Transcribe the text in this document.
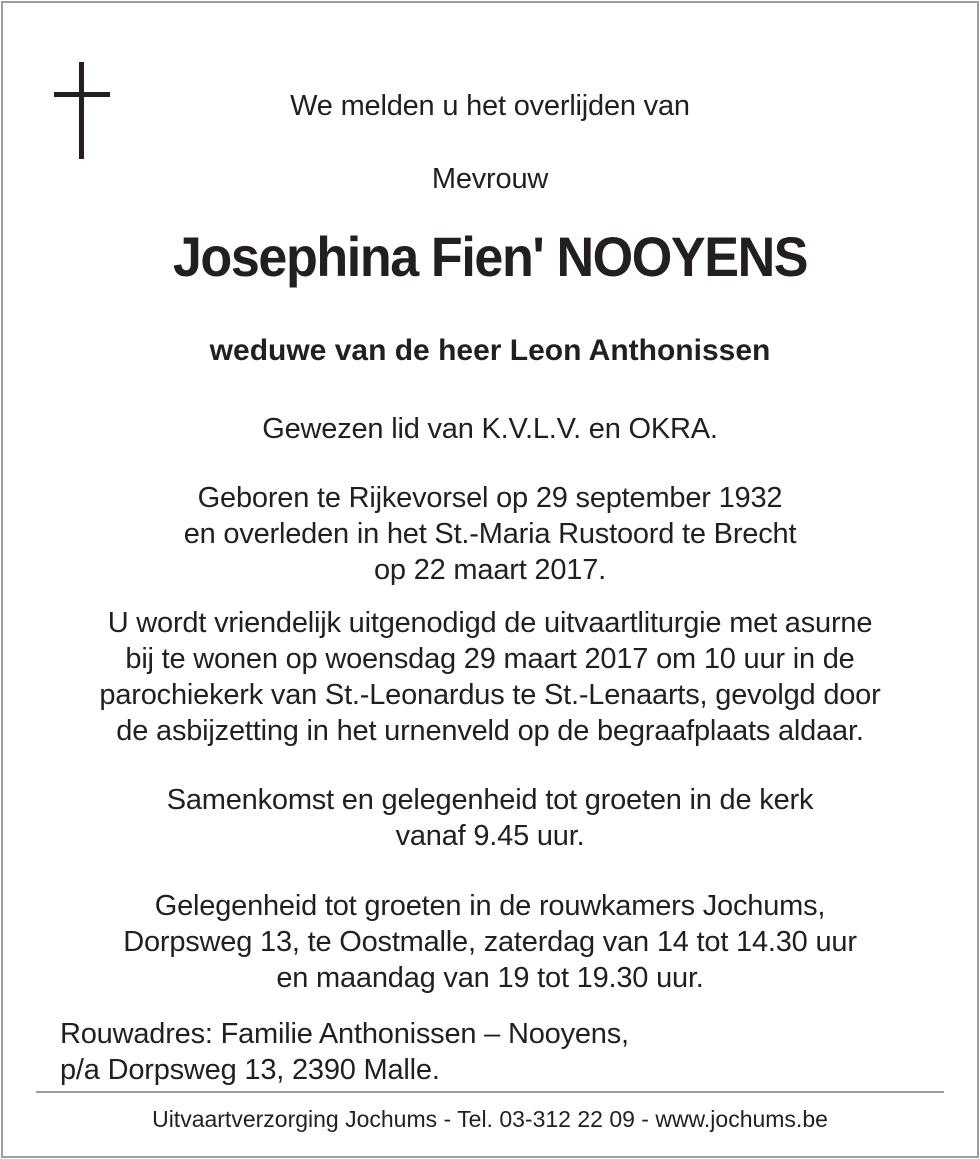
We melden u het overlijden van
Mevrouw
Josephina Fien' NOOYENS
weduwe van de heer Leon Anthonissen
Gewezen lid van K.V.L.V. en OKRA.
Geboren te Rijkevorsel op 29 september 1932
en overleden in het St.-Maria Rustoord te Brecht
op 22 maart 2017.
U wordt vriendelijk uitgenodigd de uitvaartliturgie met asurne
bij te wonen op woensdag 29 maart 2017 om 10 uur in de
parochiekerk van St.-Leonardus te St.-Lenaarts, gevolgd door
de asbijzetting in het urnenveld op de begraafplaats aldaar.
Samenkomst en gelegenheid tot groeten in de kerk
vanaf 9.45 uur.
Gelegenheid tot groeten in de rouwkamers Jochums,
Dorpsweg 13, te Oostmalle, zaterdag van 14 tot 14.30 uur
en maandag van 19 tot 19.30 uur.
Rouwadres: Familie Anthonissen – Nooyens,
p/a Dorpsweg 13, 2390 Malle.
Uitvaartverzorging Jochums - Tel. 03-312 22 09 - www.jochums.be
